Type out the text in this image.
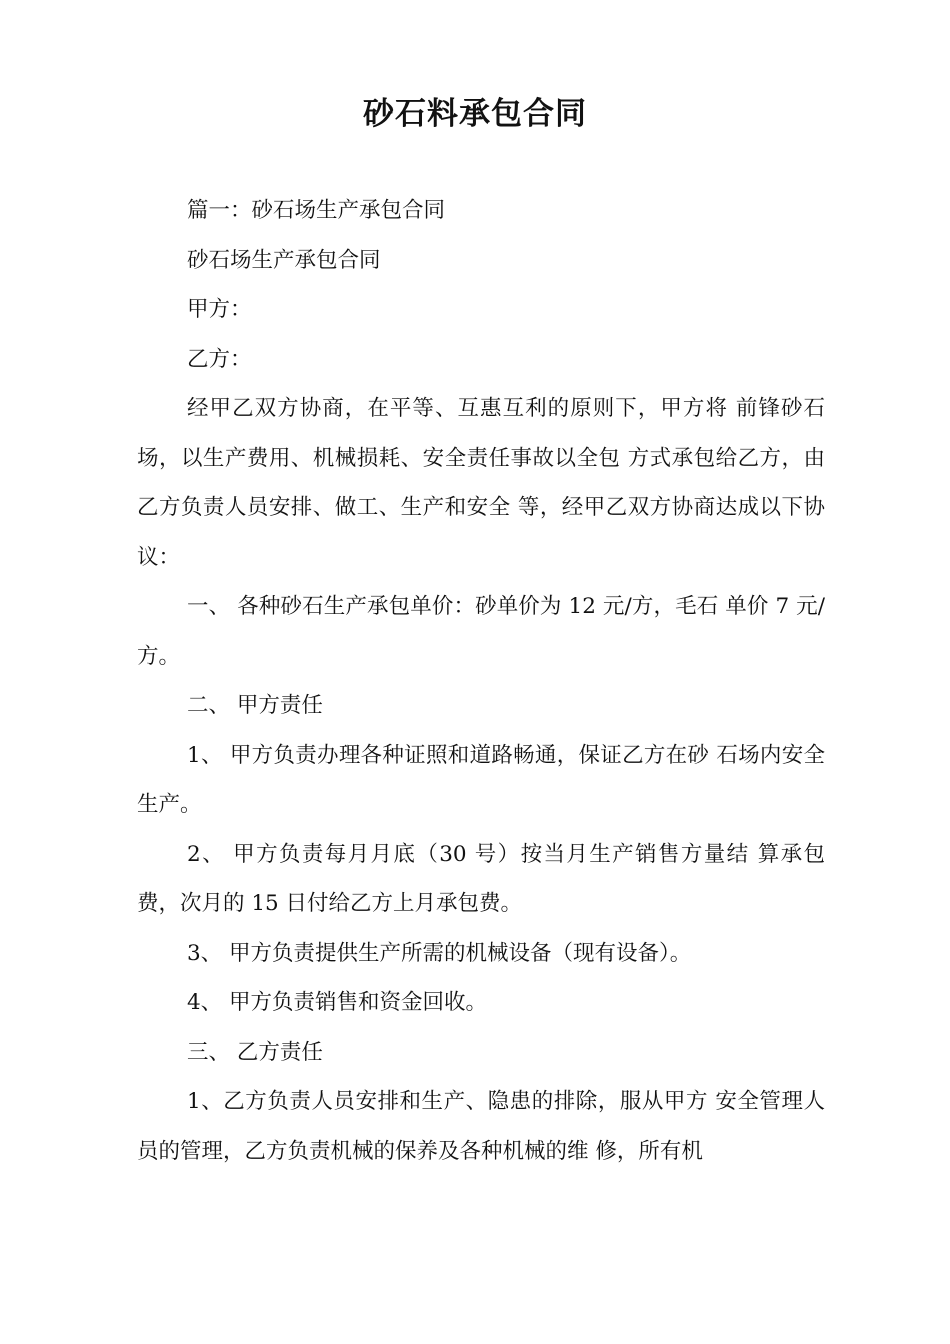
砂石料承包合同

篇一：砂石场生产承包合同

砂石场生产承包合同

甲方：

乙方：

经甲乙双方协商，在平等、互惠互利的原则下，甲方将 前锋砂石场，以生产费用、机械损耗、安全责任事故以全包 方式承包给乙方，由乙方负责人员安排、做工、生产和安全 等，经甲乙双方协商达成以下协议：

一、 各种砂石生产承包单价：砂单价为 12 元/方，毛石 单价 7 元/方。

二、 甲方责任

1、 甲方负责办理各种证照和道路畅通，保证乙方在砂 石场内安全生产。

2、 甲方负责每月月底（30 号）按当月生产销售方量结 算承包费，次月的 15 日付给乙方上月承包费。

3、 甲方负责提供生产所需的机械设备（现有设备）。

4、 甲方负责销售和资金回收。

三、 乙方责任

1、乙方负责人员安排和生产、隐患的排除，服从甲方 安全管理人员的管理，乙方负责机械的保养及各种机械的维 修，所有机
